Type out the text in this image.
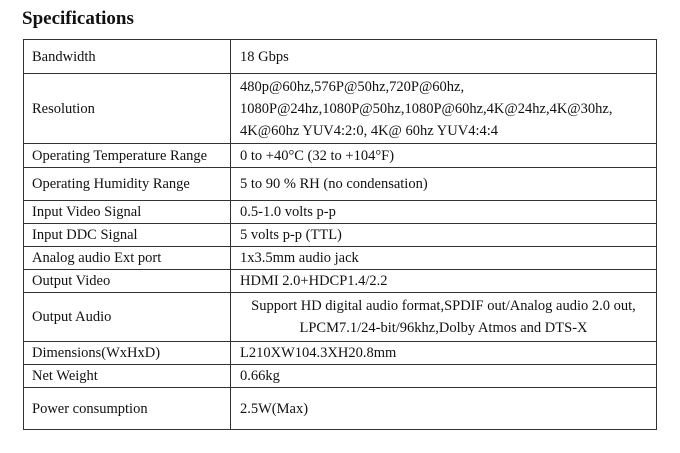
Specifications
Bandwidth	18 Gbps

Resolution	480p@60hz,576P@50hz,720P@60hz,
1080P@24hz,1080P@50hz,1080P@60hz,4K@24hz,4K@30hz,
4K@60hz YUV4:2:0, 4K@ 60hz YUV4:4:4

Operating Temperature Range	0 to +40°C (32 to +104°F)

Operating Humidity Range	5 to 90 % RH (no condensation)

Input Video Signal	0.5-1.0 volts p-p

Input DDC Signal	5 volts p-p (TTL)

Analog audio Ext port	1x3.5mm audio jack

Output Video	HDMI 2.0+HDCP1.4/2.2

Output Audio	Support HD digital audio format,SPDIF out/Analog audio 2.0 out,
LPCM7.1/24-bit/96khz,Dolby Atmos and DTS-X

Dimensions(WxHxD)	L210XW104.3XH20.8mm

Net Weight	0.66kg

Power consumption	2.5W(Max)
